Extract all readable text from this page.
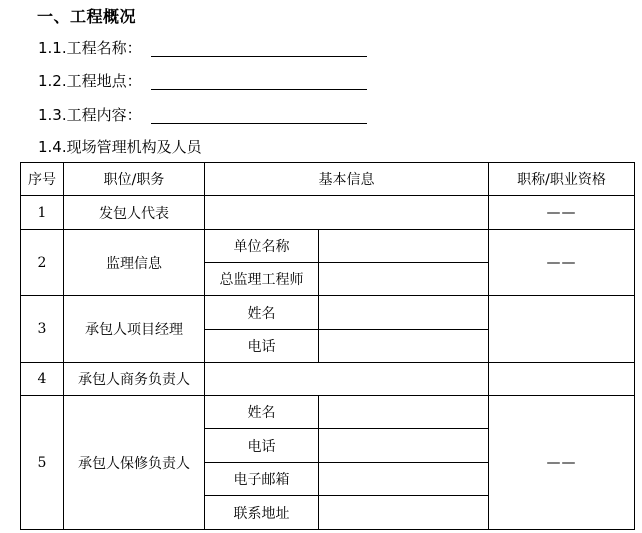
一、工程概况
1.1.工程名称：
1.2.工程地点：
1.3.工程内容：
1.4.现场管理机构及人员
序号	职位/职务	基本信息		职称/职业资格
1	发包人代表			——
2	监理信息	单位名称		——
		总监理工程师		
3	承包人项目经理	姓名		
		电话		
4	承包人商务负责人			
5	承包人保修负责人	姓名		——
		电话		
		电子邮箱		
		联系地址		
